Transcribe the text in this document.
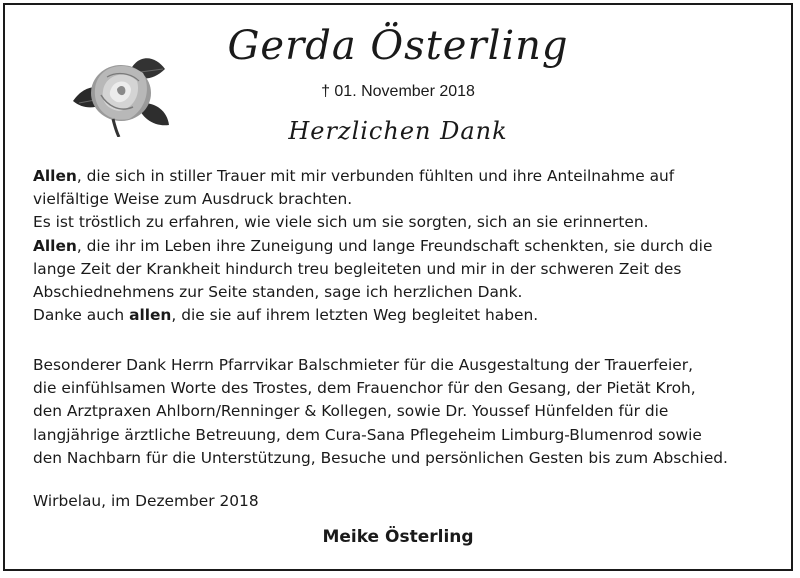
Gerda Österling
† 01. November 2018
Herzlichen Dank
Allen, die sich in stiller Trauer mit mir verbunden fühlten und ihre Anteilnahme auf
vielfältige Weise zum Ausdruck brachten.
Es ist tröstlich zu erfahren, wie viele sich um sie sorgten, sich an sie erinnerten.
Allen, die ihr im Leben ihre Zuneigung und lange Freundschaft schenkten, sie durch die
lange Zeit der Krankheit hindurch treu begleiteten und mir in der schweren Zeit des
Abschiednehmens zur Seite standen, sage ich herzlichen Dank.
Danke auch allen, die sie auf ihrem letzten Weg begleitet haben.
Besonderer Dank Herrn Pfarrvikar Balschmieter für die Ausgestaltung der Trauerfeier,
die einfühlsamen Worte des Trostes, dem Frauenchor für den Gesang, der Pietät Kroh,
den Arztpraxen Ahlborn/Renninger & Kollegen, sowie Dr. Youssef Hünfelden für die
langjährige ärztliche Betreuung, dem Cura-Sana Pflegeheim Limburg-Blumenrod sowie
den Nachbarn für die Unterstützung, Besuche und persönlichen Gesten bis zum Abschied.
Wirbelau, im Dezember 2018
Meike Österling
